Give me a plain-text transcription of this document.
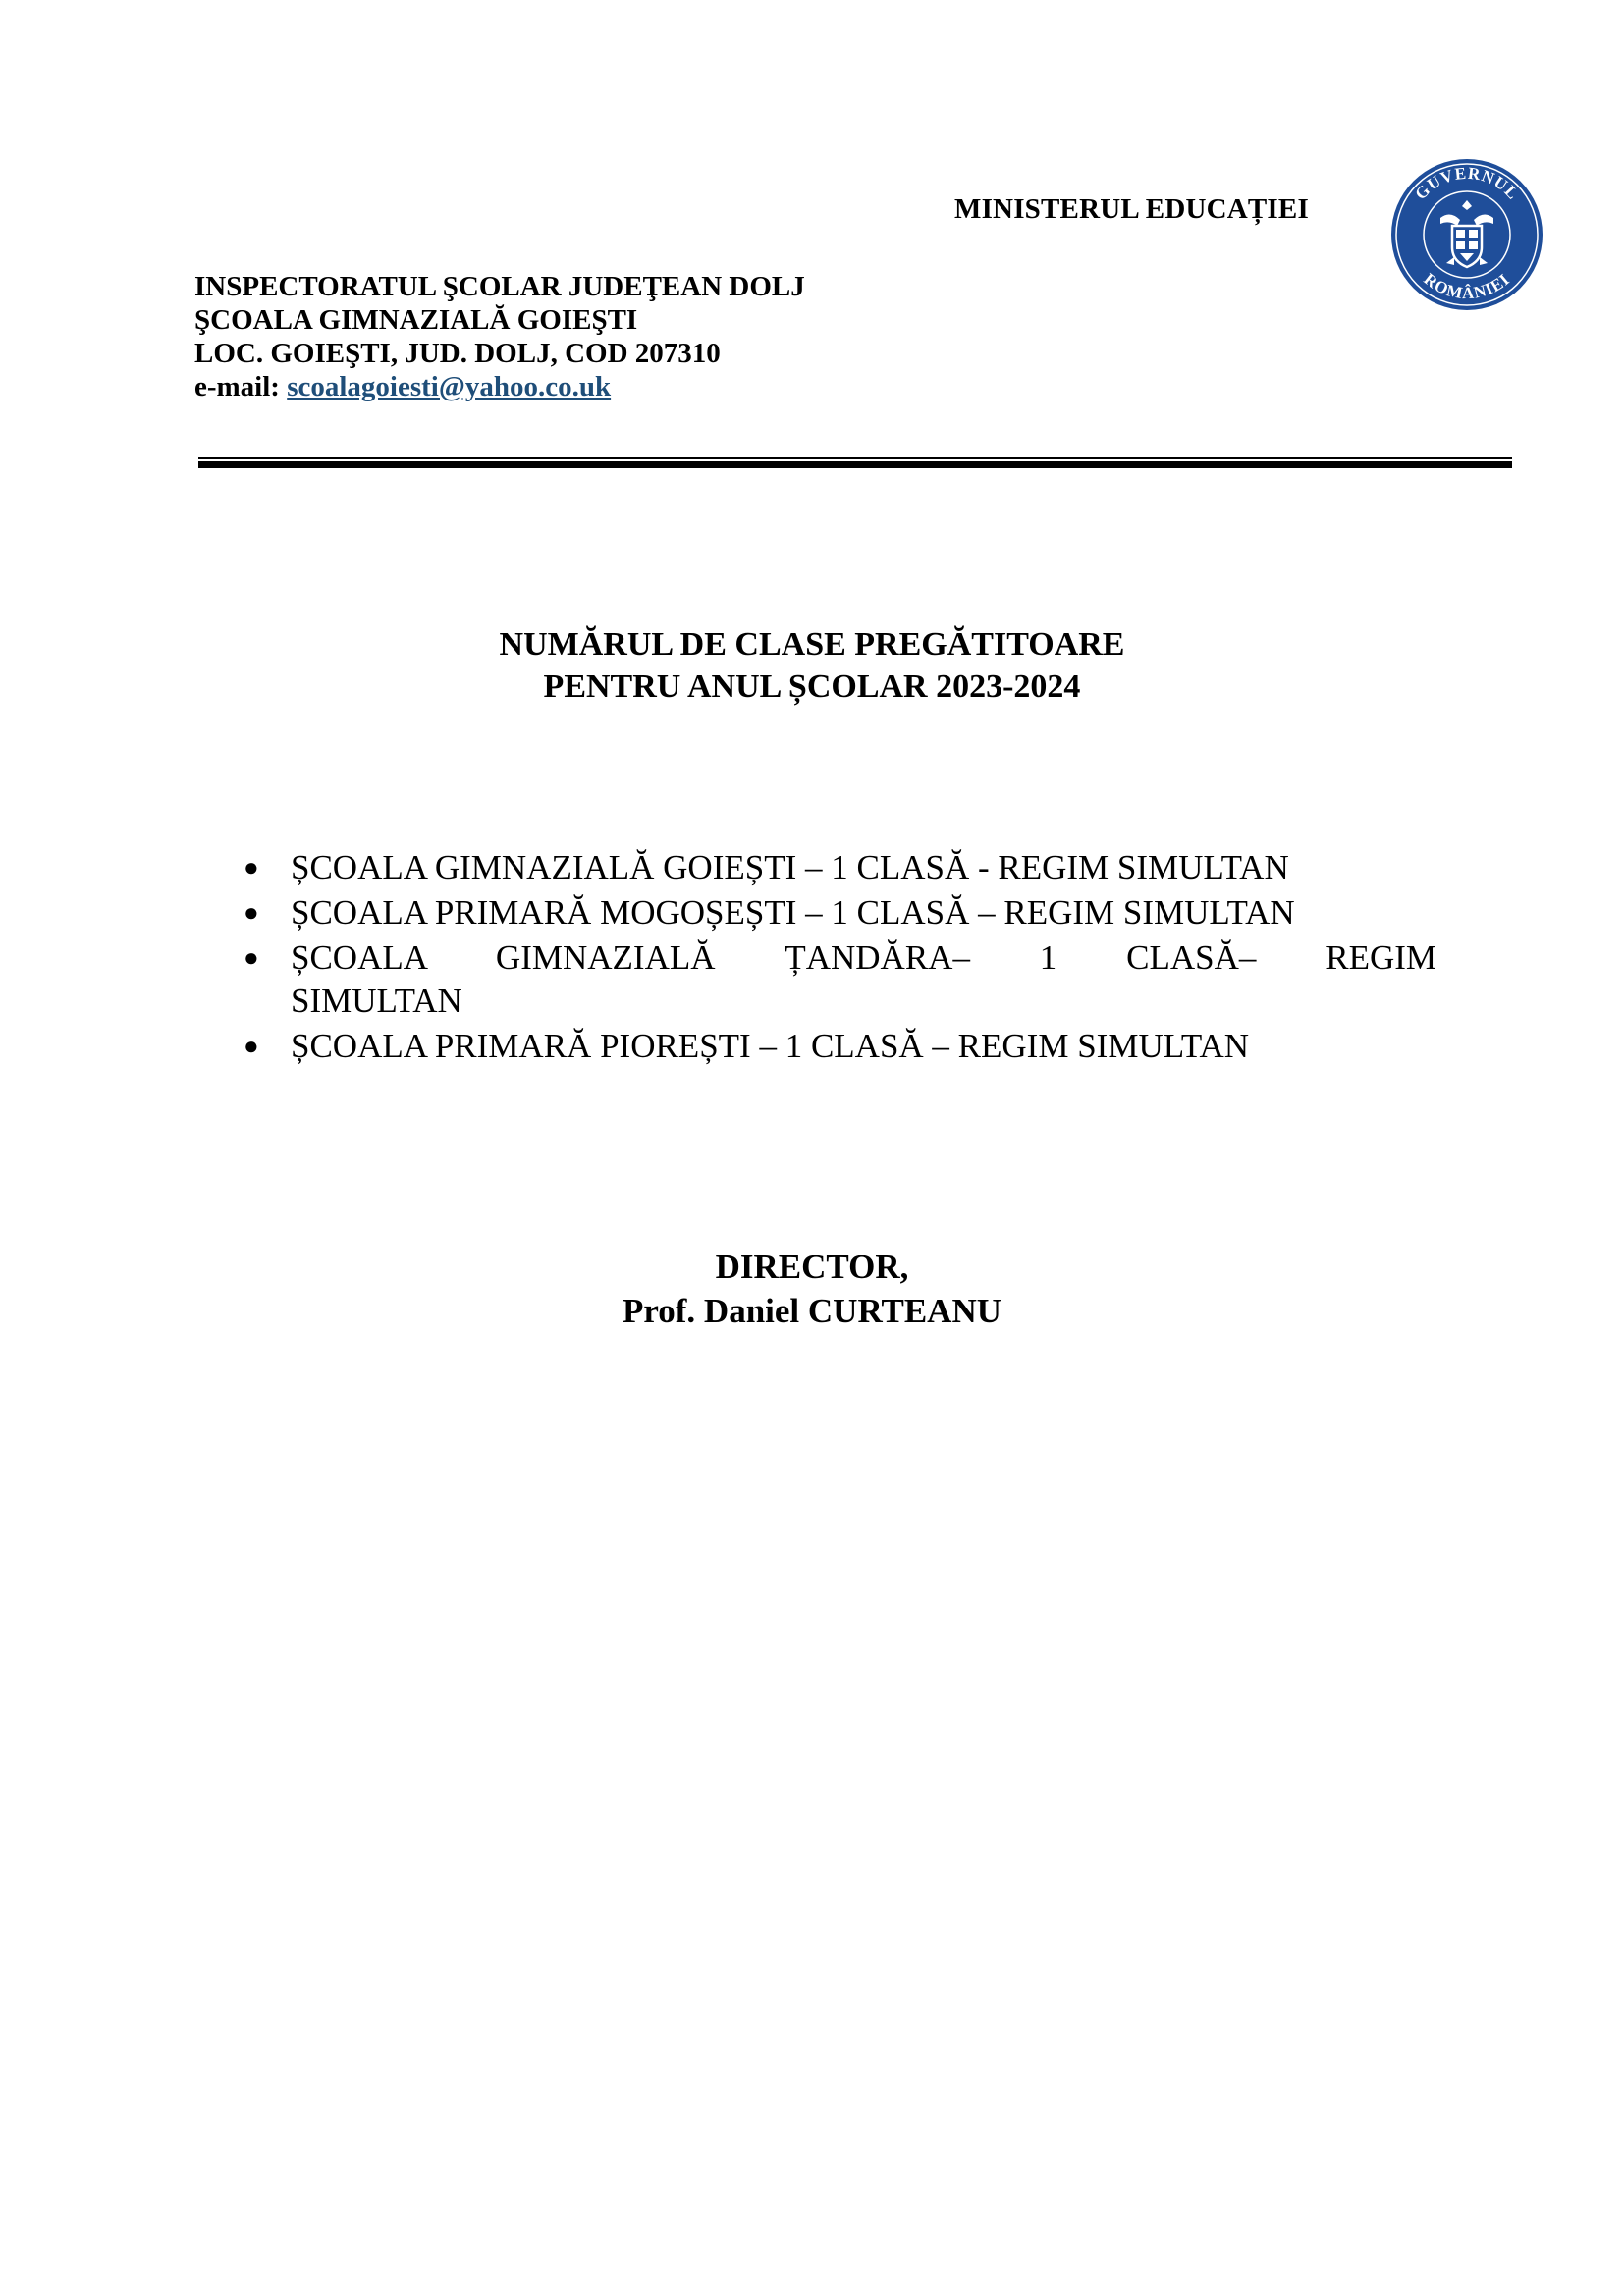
MINISTERUL EDUCAȚIEI
GUVERNUL
ROMÂNIEI
INSPECTORATUL ŞCOLAR JUDEŢEAN DOLJ
ŞCOALA GIMNAZIALĂ GOIEŞTI
LOC. GOIEŞTI, JUD. DOLJ, COD 207310
e-mail: scoalagoiesti@yahoo.co.uk
NUMĂRUL DE CLASE PREGĂTITOARE
PENTRU ANUL ȘCOLAR 2023-2024
● ȘCOALA GIMNAZIALĂ GOIEȘTI – 1 CLASĂ - REGIM SIMULTAN
● ȘCOALA PRIMARĂ MOGOȘEȘTI – 1 CLASĂ – REGIM SIMULTAN
● ȘCOALA GIMNAZIALĂ ȚANDĂRA– 1 CLASĂ– REGIM
SIMULTAN
● ȘCOALA PRIMARĂ PIOREȘTI – 1 CLASĂ – REGIM SIMULTAN
DIRECTOR,
Prof. Daniel CURTEANU
